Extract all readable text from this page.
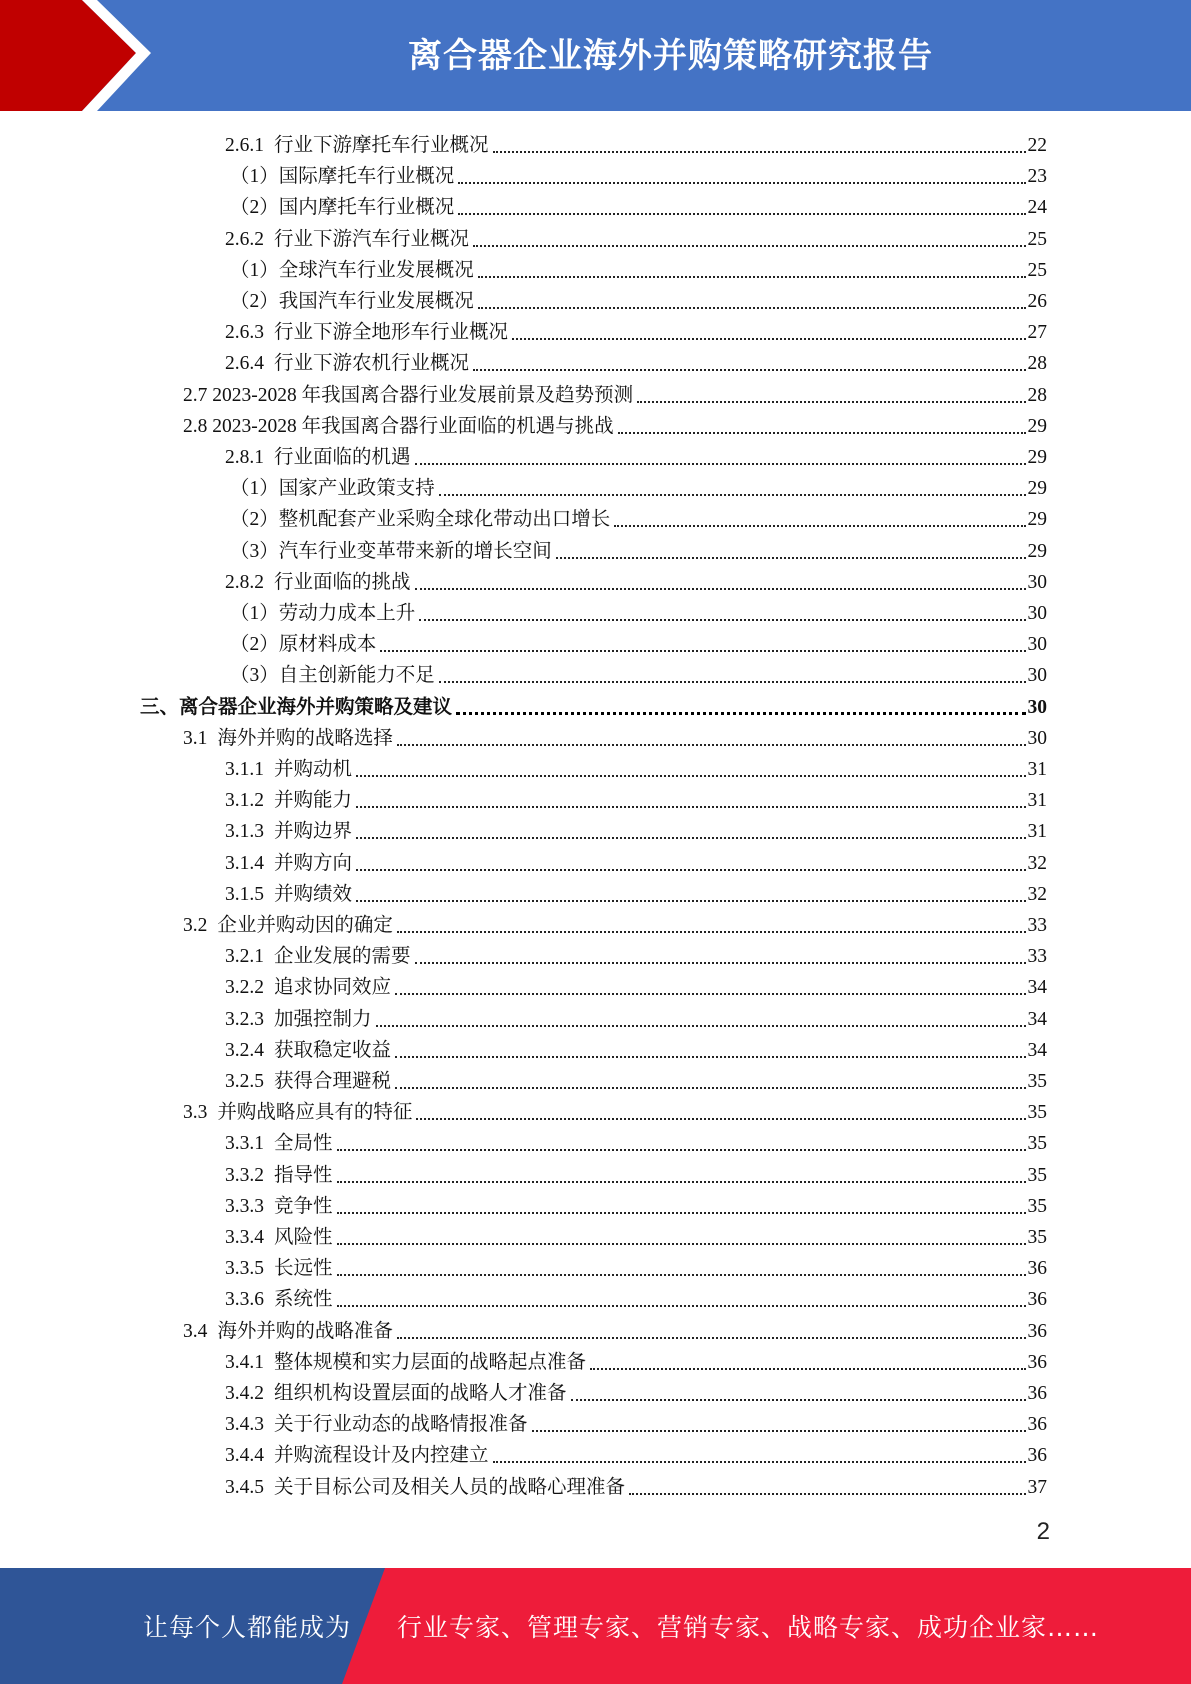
离合器企业海外并购策略研究报告
2.6.1 行业下游摩托车行业概况	22
（1）国际摩托车行业概况	23
（2）国内摩托车行业概况	24
2.6.2 行业下游汽车行业概况	25
（1）全球汽车行业发展概况	25
（2）我国汽车行业发展概况	26
2.6.3 行业下游全地形车行业概况	27
2.6.4 行业下游农机行业概况	28
2.7 2023-2028 年我国离合器行业发展前景及趋势预测	28
2.8 2023-2028 年我国离合器行业面临的机遇与挑战	29
2.8.1 行业面临的机遇	29
（1）国家产业政策支持	29
（2）整机配套产业采购全球化带动出口增长	29
（3）汽车行业变革带来新的增长空间	29
2.8.2 行业面临的挑战	30
（1）劳动力成本上升	30
（2）原材料成本	30
（3）自主创新能力不足	30
三、离合器企业海外并购策略及建议	30
3.1 海外并购的战略选择	30
3.1.1 并购动机	31
3.1.2 并购能力	31
3.1.3 并购边界	31
3.1.4 并购方向	32
3.1.5 并购绩效	32
3.2 企业并购动因的确定	33
3.2.1 企业发展的需要	33
3.2.2 追求协同效应	34
3.2.3 加强控制力	34
3.2.4 获取稳定收益	34
3.2.5 获得合理避税	35
3.3 并购战略应具有的特征	35
3.3.1 全局性	35
3.3.2 指导性	35
3.3.3 竞争性	35
3.3.4 风险性	35
3.3.5 长远性	36
3.3.6 系统性	36
3.4 海外并购的战略准备	36
3.4.1 整体规模和实力层面的战略起点准备	36
3.4.2 组织机构设置层面的战略人才准备	36
3.4.3 关于行业动态的战略情报准备	36
3.4.4 并购流程设计及内控建立	36
3.4.5 关于目标公司及相关人员的战略心理准备	37
2
让每个人都能成为 行业专家、管理专家、营销专家、战略专家、成功企业家……
